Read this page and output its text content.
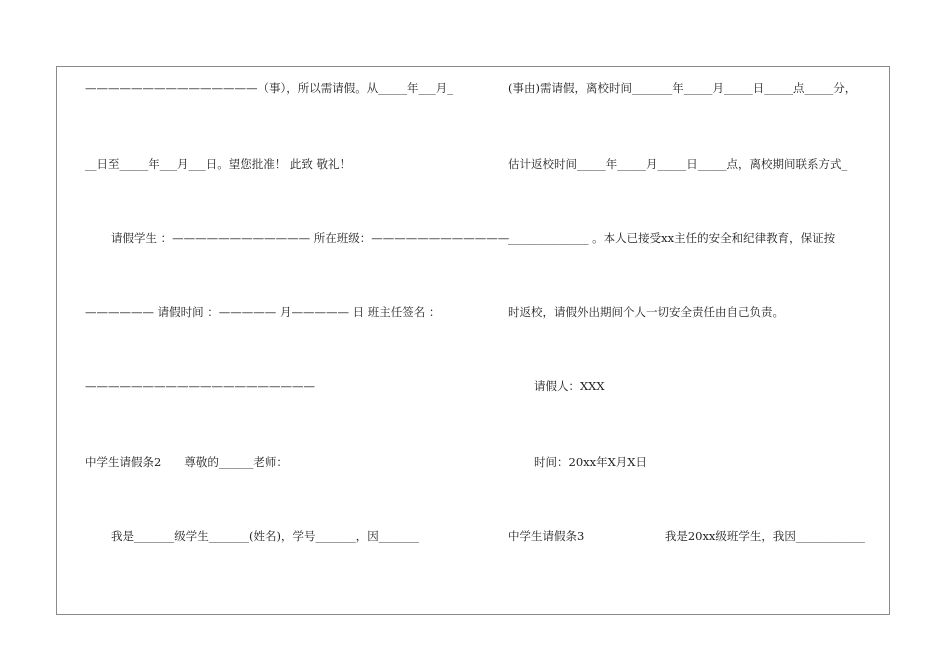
———————————————（事），所以需请假。从_____年___月_
__日至_____年___月___日。望您批准！ 此致 敬礼！
请假学生 ：———————————— 所在班级：————————————
—————— 请假时间 ：————— 月————— 日 班主任签名 ：
————————————————————
中学生请假条2　　尊敬的______老师：
我是_______级学生_______(姓名)，学号_______，因_______
(事由)需请假，离校时间_______年_____月_____日_____点_____分，
估计返校时间_____年_____月_____日_____点，离校期间联系方式_
______________ 。本人已接受xx主任的安全和纪律教育，保证按
时返校，请假外出期间个人一切安全责任由自己负责。
请假人：XXX
时间：20xx年X月X日
中学生请假条3　　　　　　　我是20xx级班学生，我因____________
